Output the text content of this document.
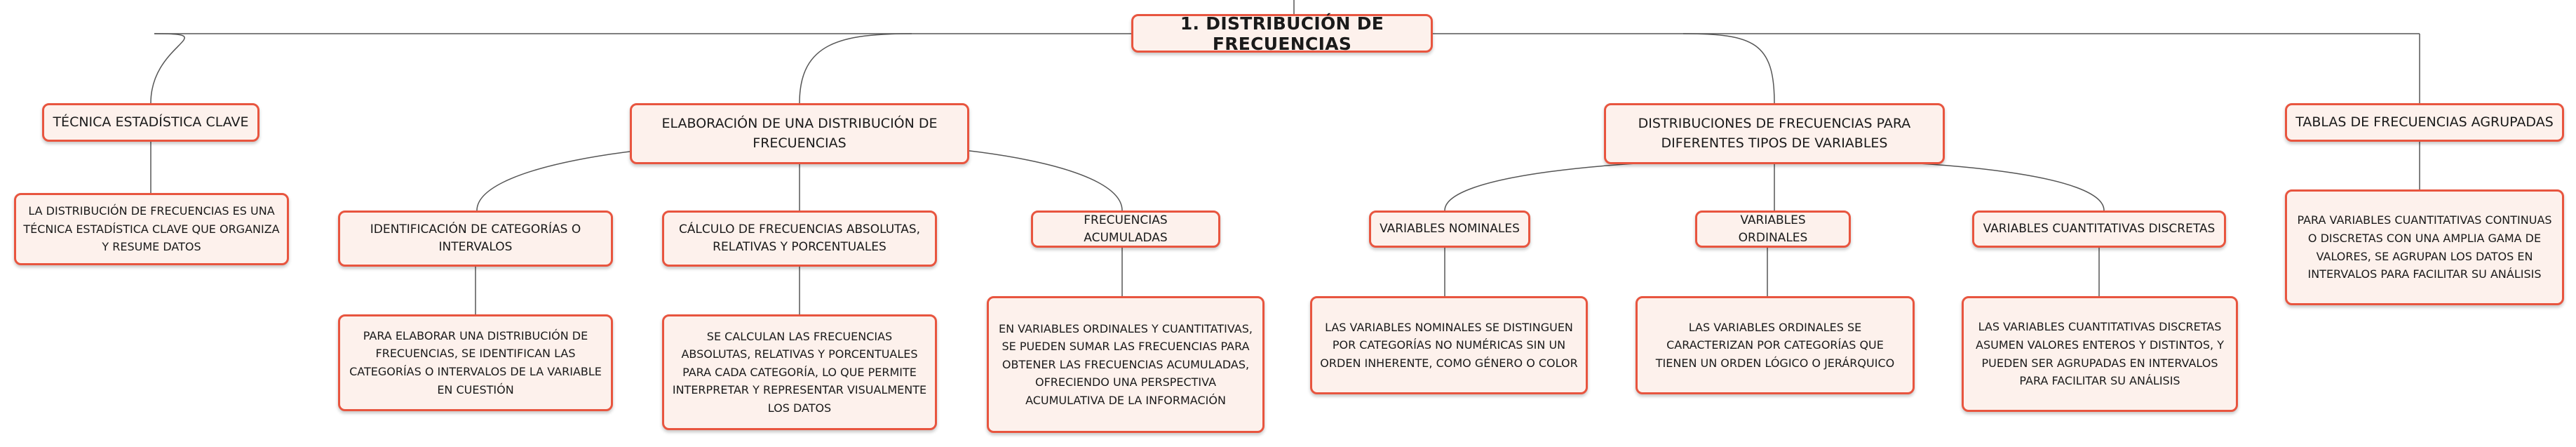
1. DISTRIBUCIÓN DE FRECUENCIAS
TÉCNICA ESTADÍSTICA CLAVE
LA DISTRIBUCIÓN DE FRECUENCIAS ES UNA TÉCNICA ESTADÍSTICA CLAVE QUE ORGANIZA Y RESUME DATOS
ELABORACIÓN DE UNA DISTRIBUCIÓN DE FRECUENCIAS
IDENTIFICACIÓN DE CATEGORÍAS O INTERVALOS
PARA ELABORAR UNA DISTRIBUCIÓN DE FRECUENCIAS, SE IDENTIFICAN LAS CATEGORÍAS O INTERVALOS DE LA VARIABLE EN CUESTIÓN
CÁLCULO DE FRECUENCIAS ABSOLUTAS, RELATIVAS Y PORCENTUALES
SE CALCULAN LAS FRECUENCIAS ABSOLUTAS, RELATIVAS Y PORCENTUALES PARA CADA CATEGORÍA, LO QUE PERMITE INTERPRETAR Y REPRESENTAR VISUALMENTE LOS DATOS
FRECUENCIAS ACUMULADAS
EN VARIABLES ORDINALES Y CUANTITATIVAS, SE PUEDEN SUMAR LAS FRECUENCIAS PARA OBTENER LAS FRECUENCIAS ACUMULADAS, OFRECIENDO UNA PERSPECTIVA ACUMULATIVA DE LA INFORMACIÓN
DISTRIBUCIONES DE FRECUENCIAS PARA DIFERENTES TIPOS DE VARIABLES
VARIABLES NOMINALES
LAS VARIABLES NOMINALES SE DISTINGUEN POR CATEGORÍAS NO NUMÉRICAS SIN UN ORDEN INHERENTE, COMO GÉNERO O COLOR
VARIABLES ORDINALES
LAS VARIABLES ORDINALES SE CARACTERIZAN POR CATEGORÍAS QUE TIENEN UN ORDEN LÓGICO O JERÁRQUICO
VARIABLES CUANTITATIVAS DISCRETAS
LAS VARIABLES CUANTITATIVAS DISCRETAS ASUMEN VALORES ENTEROS Y DISTINTOS, Y PUEDEN SER AGRUPADAS EN INTERVALOS PARA FACILITAR SU ANÁLISIS
TABLAS DE FRECUENCIAS AGRUPADAS
PARA VARIABLES CUANTITATIVAS CONTINUAS O DISCRETAS CON UNA AMPLIA GAMA DE VALORES, SE AGRUPAN LOS DATOS EN INTERVALOS PARA FACILITAR SU ANÁLISIS
